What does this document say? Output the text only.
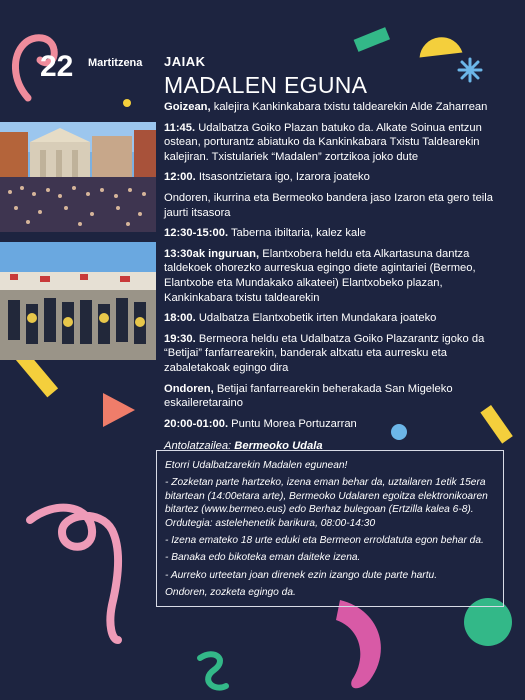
22 Martitzena JAIAK
MADALEN EGUNA

Goizean, kalejira Kankinkabara txistu taldearekin Alde Zaharrean

11:45. Udalbatza Goiko Plazan batuko da. Alkate Soinua entzun ostean, porturantz abiatuko da Kankinkabara Txistu Taldearekin kalejiran. Txistulariek “Madalen” zortzikoa joko dute

12:00. Itsasontzietara igo, Izarora joateko

Ondoren, ikurrina eta Bermeoko bandera jaso Izaron eta gero teila jaurti itsasora

12:30-15:00. Taberna ibiltaria, kalez kale

13:30ak inguruan, Elantxobera heldu eta Alkartasuna dantza taldekoek ohorezko aurreskua egingo diete agintariei (Bermeo, Elantxobe eta Mundakako alkateei) Elantxobeko plazan, Kankinkabara txistu taldearekin

18:00. Udalbatza Elantxobetik irten Mundakara joateko

19:30. Bermeora heldu eta Udalbatza Goiko Plazarantz igoko da “Betijai” fanfarrearekin, banderak altxatu eta aurresku eta zabaletakoak egingo dira

Ondoren, Betijai fanfarrearekin beherakada San Migeleko eskaileretaraino

20:00-01:00. Puntu Morea Portuzarran

Antolatzailea: Bermeoko Udala

Etorri Udalbatzarekin Madalen egunean!

- Zozketan parte hartzeko, izena eman behar da, uztailaren 1etik 15era bitartean (14:00etara arte), Bermeoko Udalaren egoitza elektronikoaren bitartez (www.bermeo.eus) edo Berhaz bulegoan (Ertzilla kalea 6-8). Ordutegia: astelehenetik barikura, 08:00-14:30

- Izena emateko 18 urte eduki eta Bermeon erroldatuta egon behar da.

- Banaka edo bikoteka eman daiteke izena.

- Aurreko urteetan joan direnek ezin izango dute parte hartu.

Ondoren, zozketa egingo da.
